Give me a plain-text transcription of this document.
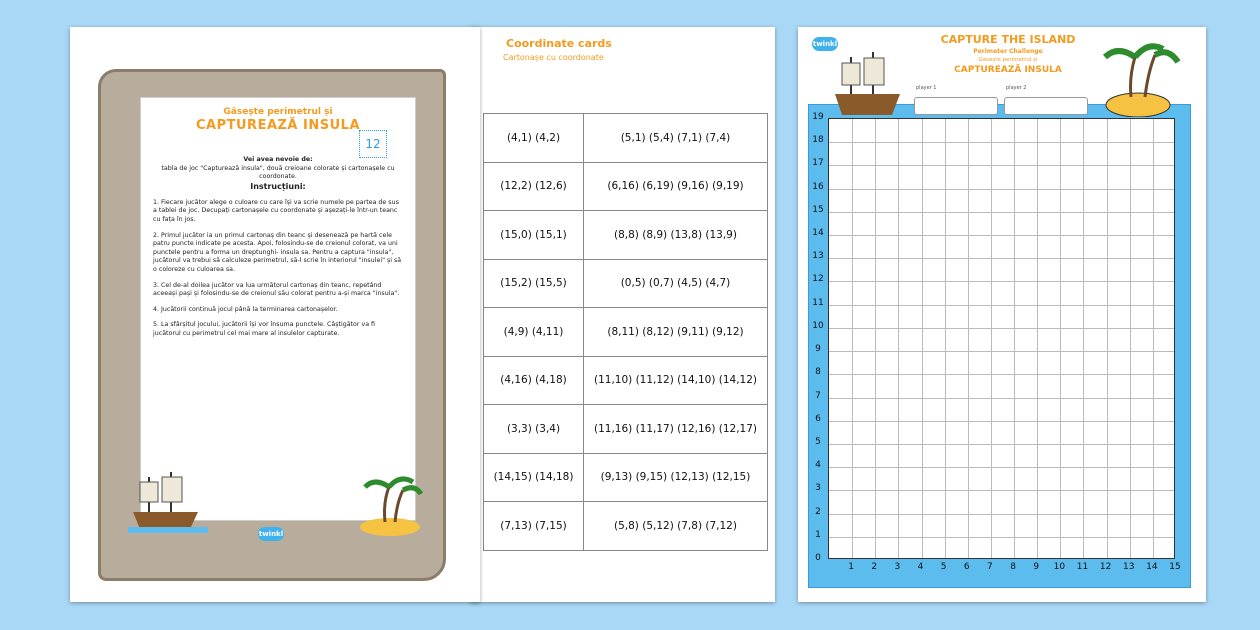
Coordinate cards
Cartonașe cu coordonate
(4,1) (4,2)	(5,1) (5,4) (7,1) (7,4)
(12,2) (12,6)	(6,16) (6,19) (9,16) (9,19)
(15,0) (15,1)	(8,8) (8,9) (13,8) (13,9)
(15,2) (15,5)	(0,5) (0,7) (4,5) (4,7)
(4,9) (4,11)	(8,11) (8,12) (9,11) (9,12)
(4,16) (4,18)	(11,10) (11,12) (14,10) (14,12)
(3,3) (3,4)	(11,16) (11,17) (12,16) (12,17)
(14,15) (14,18)	(9,13) (9,15) (12,13) (12,15)
(7,13) (7,15)	(5,8) (5,12) (7,8) (7,12)
Găsește perimetrul și
CAPTUREAZĂ INSULA
12
Vei avea nevoie de:
tabla de joc "Capturează insula", două creioane colorate și cartonașele cu coordonate.
Instrucțiuni:
1. Fiecare jucător alege o culoare cu care își va scrie numele pe partea de sus a tablei de joc. Decupați cartonașele cu coordonate și așezați-le într-un teanc cu fața în jos.
2. Primul jucător ia un primul cartonaș din teanc și desenează pe hartă cele patru puncte indicate pe acesta. Apoi, folosindu-se de creionul colorat, va uni punctele pentru a forma un dreptunghi- insula sa. Pentru a captura "insula", jucătorul va trebui să calculeze perimetrul, să-l scrie în interiorul "insulei" și să o coloreze cu culoarea sa.
3. Cel de-al doilea jucător va lua următorul cartonaș din teanc, repetând aceeași pași și folosindu-se de creionul său colorat pentru a-și marca "insula".
4. Jucătorii continuă jocul până la terminarea cartonașelor.
5. La sfârșitul jocului, jucătorii își vor însuma punctele. Câștigător va fi jucătorul cu perimetrul cel mai mare al insulelor capturate.
twinkl
twinkl	CAPTURE THE ISLAND
Perimeter Challenge
Găsește perimetrul și
CAPTUREAZĂ INSULA
player 1	player 2
0
1
2
3
4
5
6
7
8
9
10
11
12
13
14
15
16
17
18
19
1	2	3	4	5	6	7	8	9	10 11 12 13 14 15
